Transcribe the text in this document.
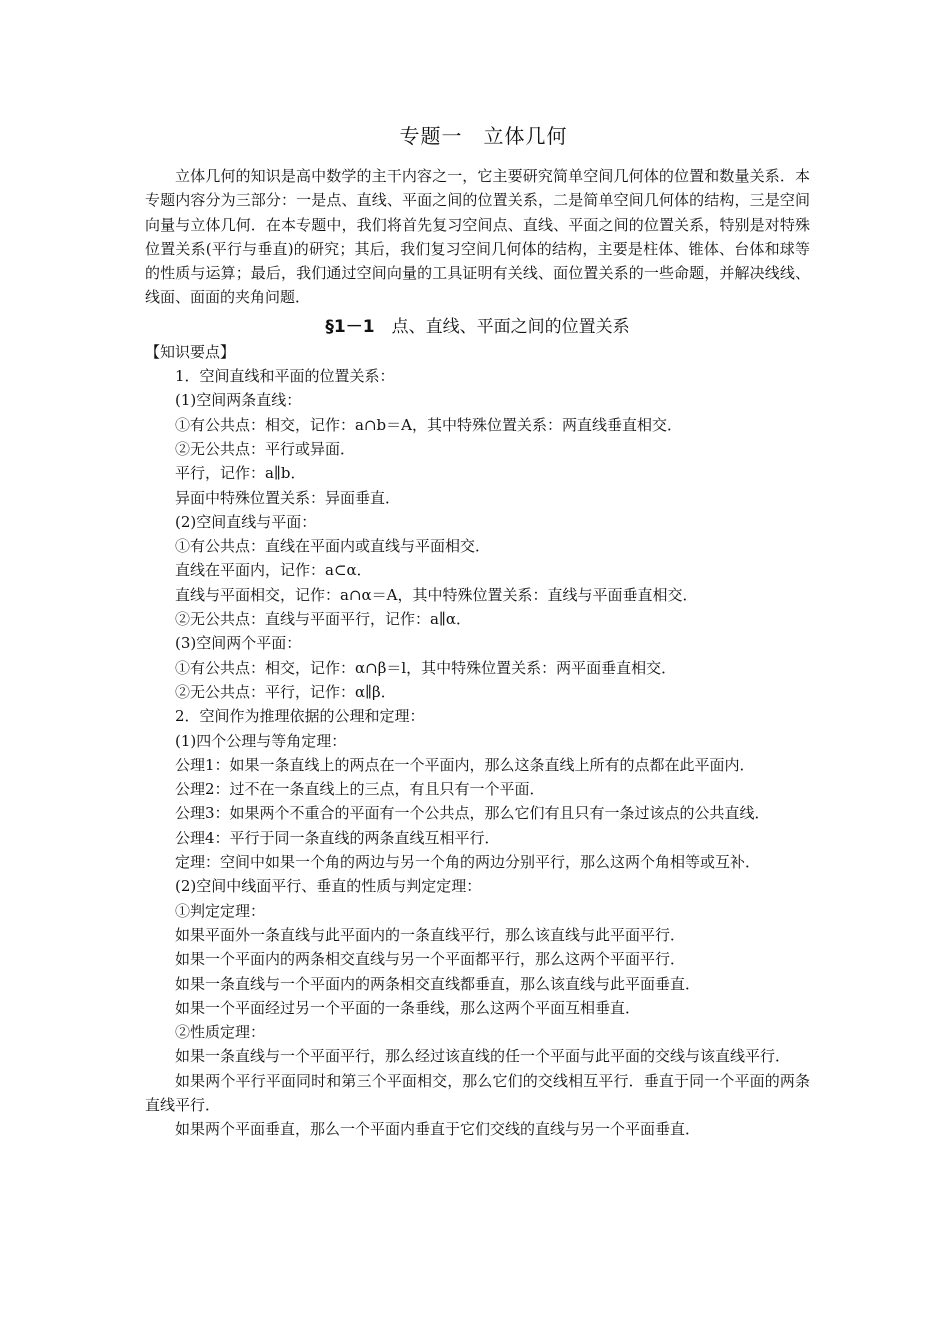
专题一　立体几何

立体几何的知识是高中数学的主干内容之一，它主要研究简单空间几何体的位置和数量关系．本专题内容分为三部分：一是点、直线、平面之间的位置关系，二是简单空间几何体的结构，三是空间向量与立体几何．在本专题中，我们将首先复习空间点、直线、平面之间的位置关系，特别是对特殊位置关系(平行与垂直)的研究；其后，我们复习空间几何体的结构，主要是柱体、锥体、台体和球等的性质与运算；最后，我们通过空间向量的工具证明有关线、面位置关系的一些命题，并解决线线、线面、面面的夹角问题．

§1－1　点、直线、平面之间的位置关系

【知识要点】

1．空间直线和平面的位置关系：

(1)空间两条直线：

①有公共点：相交，记作：a∩b＝A，其中特殊位置关系：两直线垂直相交．

②无公共点：平行或异面．

平行，记作：a∥b．

异面中特殊位置关系：异面垂直．

(2)空间直线与平面：

①有公共点：直线在平面内或直线与平面相交．

直线在平面内，记作：a⊂α．

直线与平面相交，记作：a∩α＝A，其中特殊位置关系：直线与平面垂直相交．

②无公共点：直线与平面平行，记作：a∥α．

(3)空间两个平面：

①有公共点：相交，记作：α∩β＝l，其中特殊位置关系：两平面垂直相交．

②无公共点：平行，记作：α∥β．

2．空间作为推理依据的公理和定理：

(1)四个公理与等角定理：

公理1：如果一条直线上的两点在一个平面内，那么这条直线上所有的点都在此平面内．

公理2：过不在一条直线上的三点，有且只有一个平面．

公理3：如果两个不重合的平面有一个公共点，那么它们有且只有一条过该点的公共直线．

公理4：平行于同一条直线的两条直线互相平行．

定理：空间中如果一个角的两边与另一个角的两边分别平行，那么这两个角相等或互补．

(2)空间中线面平行、垂直的性质与判定定理：

①判定定理：

如果平面外一条直线与此平面内的一条直线平行，那么该直线与此平面平行．

如果一个平面内的两条相交直线与另一个平面都平行，那么这两个平面平行．

如果一条直线与一个平面内的两条相交直线都垂直，那么该直线与此平面垂直．

如果一个平面经过另一个平面的一条垂线，那么这两个平面互相垂直．

②性质定理：

如果一条直线与一个平面平行，那么经过该直线的任一个平面与此平面的交线与该直线平行．

如果两个平行平面同时和第三个平面相交，那么它们的交线相互平行．垂直于同一个平面的两条直线平行．

如果两个平面垂直，那么一个平面内垂直于它们交线的直线与另一个平面垂直．
